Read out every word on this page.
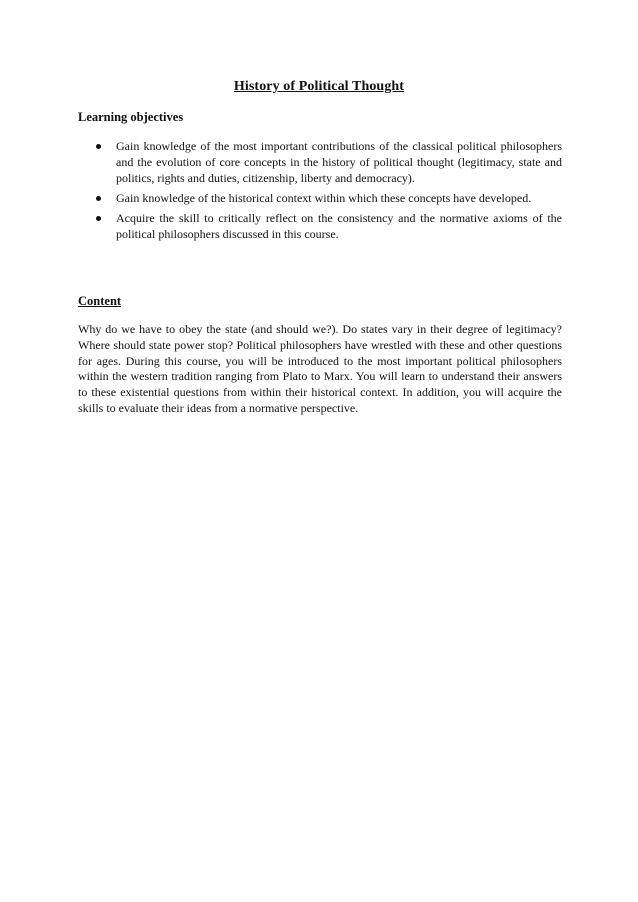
History of Political Thought
Learning objectives
Gain knowledge of the most important contributions of the classical political philosophers and the evolution of core concepts in the history of political thought (legitimacy, state and politics, rights and duties, citizenship, liberty and democracy).
Gain knowledge of the historical context within which these concepts have developed.
Acquire the skill to critically reflect on the consistency and the normative axioms of the political philosophers discussed in this course.
Content

Why do we have to obey the state (and should we?). Do states vary in their degree of legitimacy? Where should state power stop? Political philosophers have wrestled with these and other questions for ages. During this course, you will be introduced to the most important political philosophers within the western tradition ranging from Plato to Marx. You will learn to understand their answers to these existential questions from within their historical context. In addition, you will acquire the skills to evaluate their ideas from a normative perspective.
